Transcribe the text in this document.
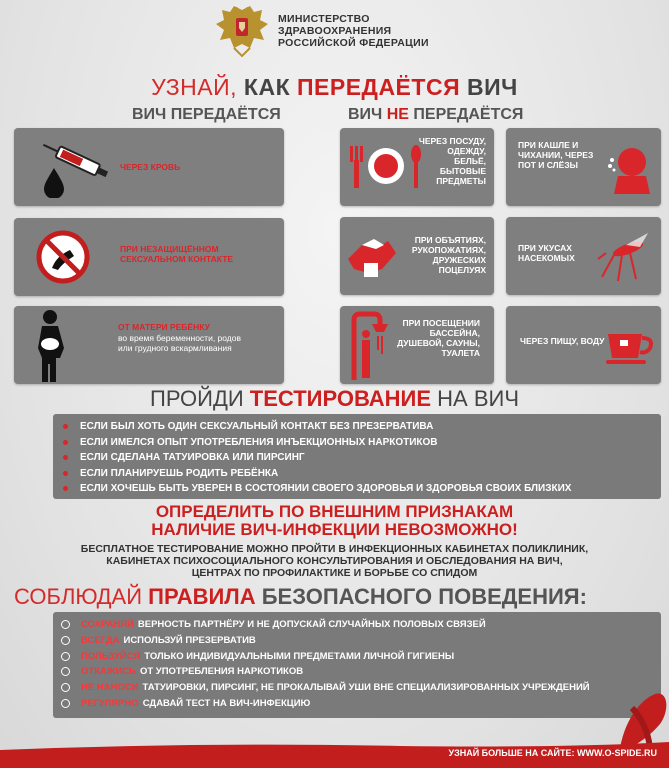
МИНИСТЕРСТВО
ЗДРАВООХРАНЕНИЯ
РОССИЙСКОЙ ФЕДЕРАЦИИ
УЗНАЙ, КАК ПЕРЕДАЁТСЯ ВИЧ
ВИЧ ПЕРЕДАЁТСЯ	ВИЧ НЕ ПЕРЕДАЁТСЯ
ЧЕРЕЗ КРОВЬ
ПРИ НЕЗАЩИЩЁННОМ СЕКСУАЛЬНОМ КОНТАКТЕ
ОТ МАТЕРИ РЕБЁНКУ
во время беременности, родов или грудного вскармливания
ЧЕРЕЗ ПОСУДУ, ОДЕЖДУ, БЕЛЬЁ, БЫТОВЫЕ ПРЕДМЕТЫ
ПРИ КАШЛЕ И ЧИХАНИИ, ЧЕРЕЗ ПОТ И СЛЁЗЫ
ПРИ ОБЪЯТИЯХ, РУКОПОЖАТИЯХ, ДРУЖЕСКИХ ПОЦЕЛУЯХ
ПРИ УКУСАХ НАСЕКОМЫХ
ПРИ ПОСЕЩЕНИИ БАССЕЙНА, ДУШЕВОЙ, САУНЫ, ТУАЛЕТА
ЧЕРЕЗ ПИЩУ, ВОДУ
ПРОЙДИ ТЕСТИРОВАНИЕ НА ВИЧ
ЕСЛИ БЫЛ ХОТЬ ОДИН СЕКСУАЛЬНЫЙ КОНТАКТ БЕЗ ПРЕЗЕРВАТИВА
ЕСЛИ ИМЕЛСЯ ОПЫТ УПОТРЕБЛЕНИЯ ИНЪЕКЦИОННЫХ НАРКОТИКОВ
ЕСЛИ СДЕЛАНА ТАТУИРОВКА ИЛИ ПИРСИНГ
ЕСЛИ ПЛАНИРУЕШЬ РОДИТЬ РЕБЁНКА
ЕСЛИ ХОЧЕШЬ БЫТЬ УВЕРЕН В СОСТОЯНИИ СВОЕГО ЗДОРОВЬЯ И ЗДОРОВЬЯ СВОИХ БЛИЗКИХ
ОПРЕДЕЛИТЬ ПО ВНЕШНИМ ПРИЗНАКАМ
НАЛИЧИЕ ВИЧ-ИНФЕКЦИИ НЕВОЗМОЖНО!
БЕСПЛАТНОЕ ТЕСТИРОВАНИЕ МОЖНО ПРОЙТИ В ИНФЕКЦИОННЫХ КАБИНЕТАХ ПОЛИКЛИНИК,
КАБИНЕТАХ ПСИХОСОЦИАЛЬНОГО КОНСУЛЬТИРОВАНИЯ И ОБСЛЕДОВАНИЯ НА ВИЧ,
ЦЕНТРАХ ПО ПРОФИЛАКТИКЕ И БОРЬБЕ СО СПИДОМ
СОБЛЮДАЙ ПРАВИЛА БЕЗОПАСНОГО ПОВЕДЕНИЯ:
СОХРАНЯЙ ВЕРНОСТЬ ПАРТНЁРУ И НЕ ДОПУСКАЙ СЛУЧАЙНЫХ ПОЛОВЫХ СВЯЗЕЙ
ВСЕГДА ИСПОЛЬЗУЙ ПРЕЗЕРВАТИВ
ПОЛЬЗУЙСЯ ТОЛЬКО ИНДИВИДУАЛЬНЫМИ ПРЕДМЕТАМИ ЛИЧНОЙ ГИГИЕНЫ
ОТКАЖИСЬ ОТ УПОТРЕБЛЕНИЯ НАРКОТИКОВ
НЕ НАНОСИ ТАТУИРОВКИ, ПИРСИНГ, НЕ ПРОКАЛЫВАЙ УШИ ВНЕ СПЕЦИАЛИЗИРОВАННЫХ УЧРЕЖДЕНИЙ
РЕГУЛЯРНО СДАВАЙ ТЕСТ НА ВИЧ-ИНФЕКЦИЮ
УЗНАЙ БОЛЬШЕ НА САЙТЕ: WWW.O-SPIDE.RU
